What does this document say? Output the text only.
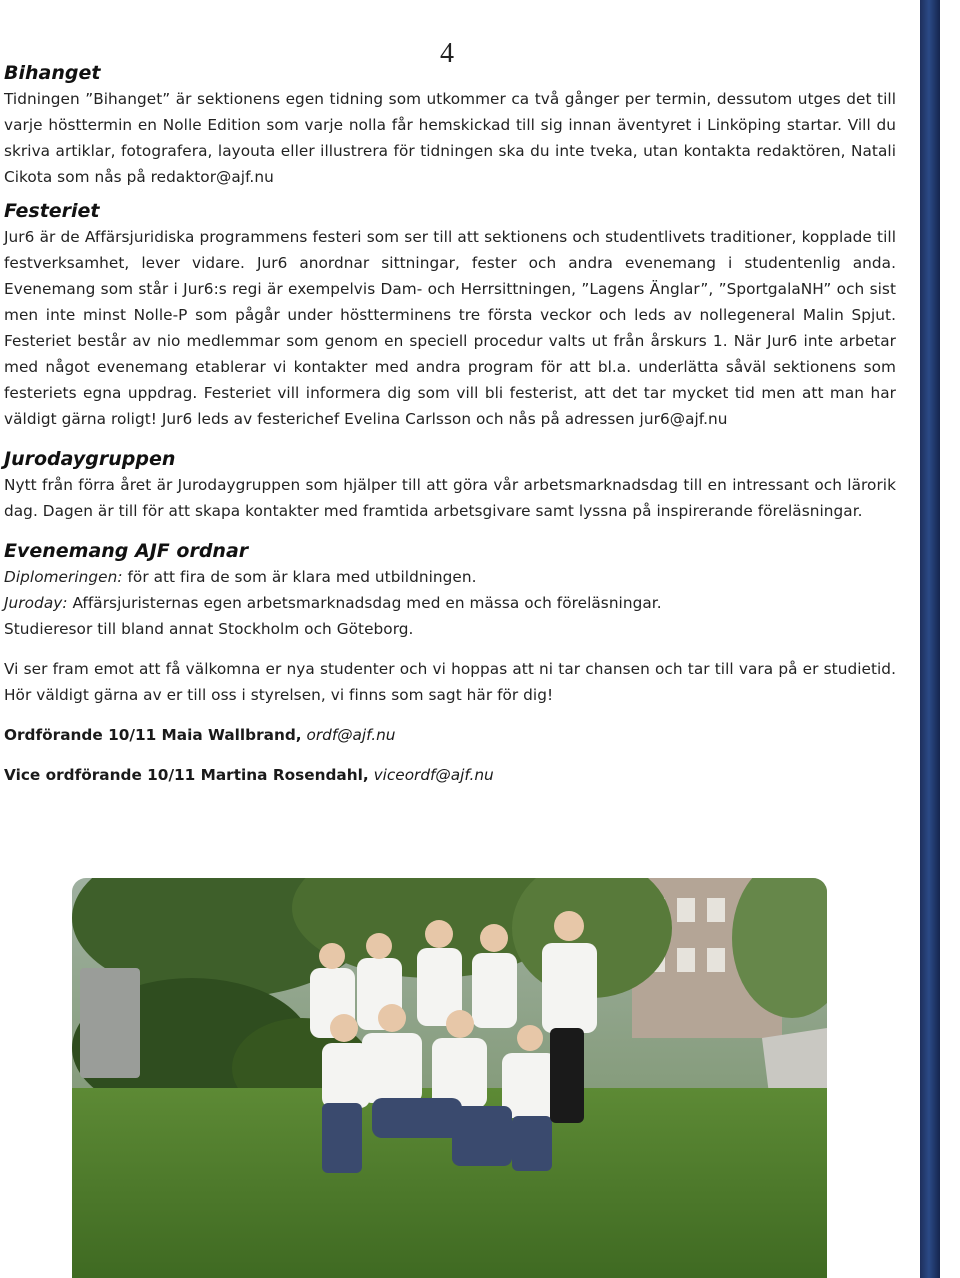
4
Bihanget

Tidningen ”Bihanget” är sektionens egen tidning som utkommer ca två gånger per termin, dessutom utges det till varje hösttermin en Nolle Edition som varje nolla får hemskickad till sig innan äventyret i Linköping startar. Vill du skriva artiklar, fotografera, layouta eller illustrera för tidningen ska du inte tveka, utan kontakta redaktören, Natali Cikota som nås på redaktor@ajf.nu

Festeriet

Jur6 är de Affärsjuridiska programmens festeri som ser till att sektionens och studentlivets traditioner, kopplade till festverksamhet, lever vidare. Jur6 anordnar sittningar, fester och andra evenemang i studentenlig anda. Evenemang som står i Jur6:s regi är exempelvis Dam- och Herrsittningen, ”Lagens Änglar”, ”SportgalaNH” och sist men inte minst Nolle-P som pågår under höstterminens tre första veckor och leds av nollegeneral Malin Spjut. Festeriet består av nio medlemmar som genom en speciell procedur valts ut från årskurs 1. När Jur6 inte arbetar med något evenemang etablerar vi kontakter med andra program för att bl.a. underlätta såväl sektionens som festeriets egna uppdrag. Festeriet vill informera dig som vill bli festerist, att det tar mycket tid men att man har väldigt gärna roligt! Jur6 leds av festerichef Evelina Carlsson och nås på adressen jur6@ajf.nu

Jurodaygruppen

Nytt från förra året är Jurodaygruppen som hjälper till att göra vår arbetsmarknadsdag till en intressant och lärorik dag. Dagen är till för att skapa kontakter med framtida arbetsgivare samt lyssna på inspirerande föreläsningar.

Evenemang AJF ordnar

Diplomeringen: för att fira de som är klara med utbildningen.

Juroday: Affärsjuristernas egen arbetsmarknadsdag med en mässa och föreläsningar.

Studieresor till bland annat Stockholm och Göteborg.

Vi ser fram emot att få välkomna er nya studenter och vi hoppas att ni tar chansen och tar till vara på er studietid. Hör väldigt gärna av er till oss i styrelsen, vi finns som sagt här för dig!

Ordförande 10/11 Maia Wallbrand, ordf@ajf.nu
Vice ordförande 10/11 Martina Rosendahl, viceordf@ajf.nu
